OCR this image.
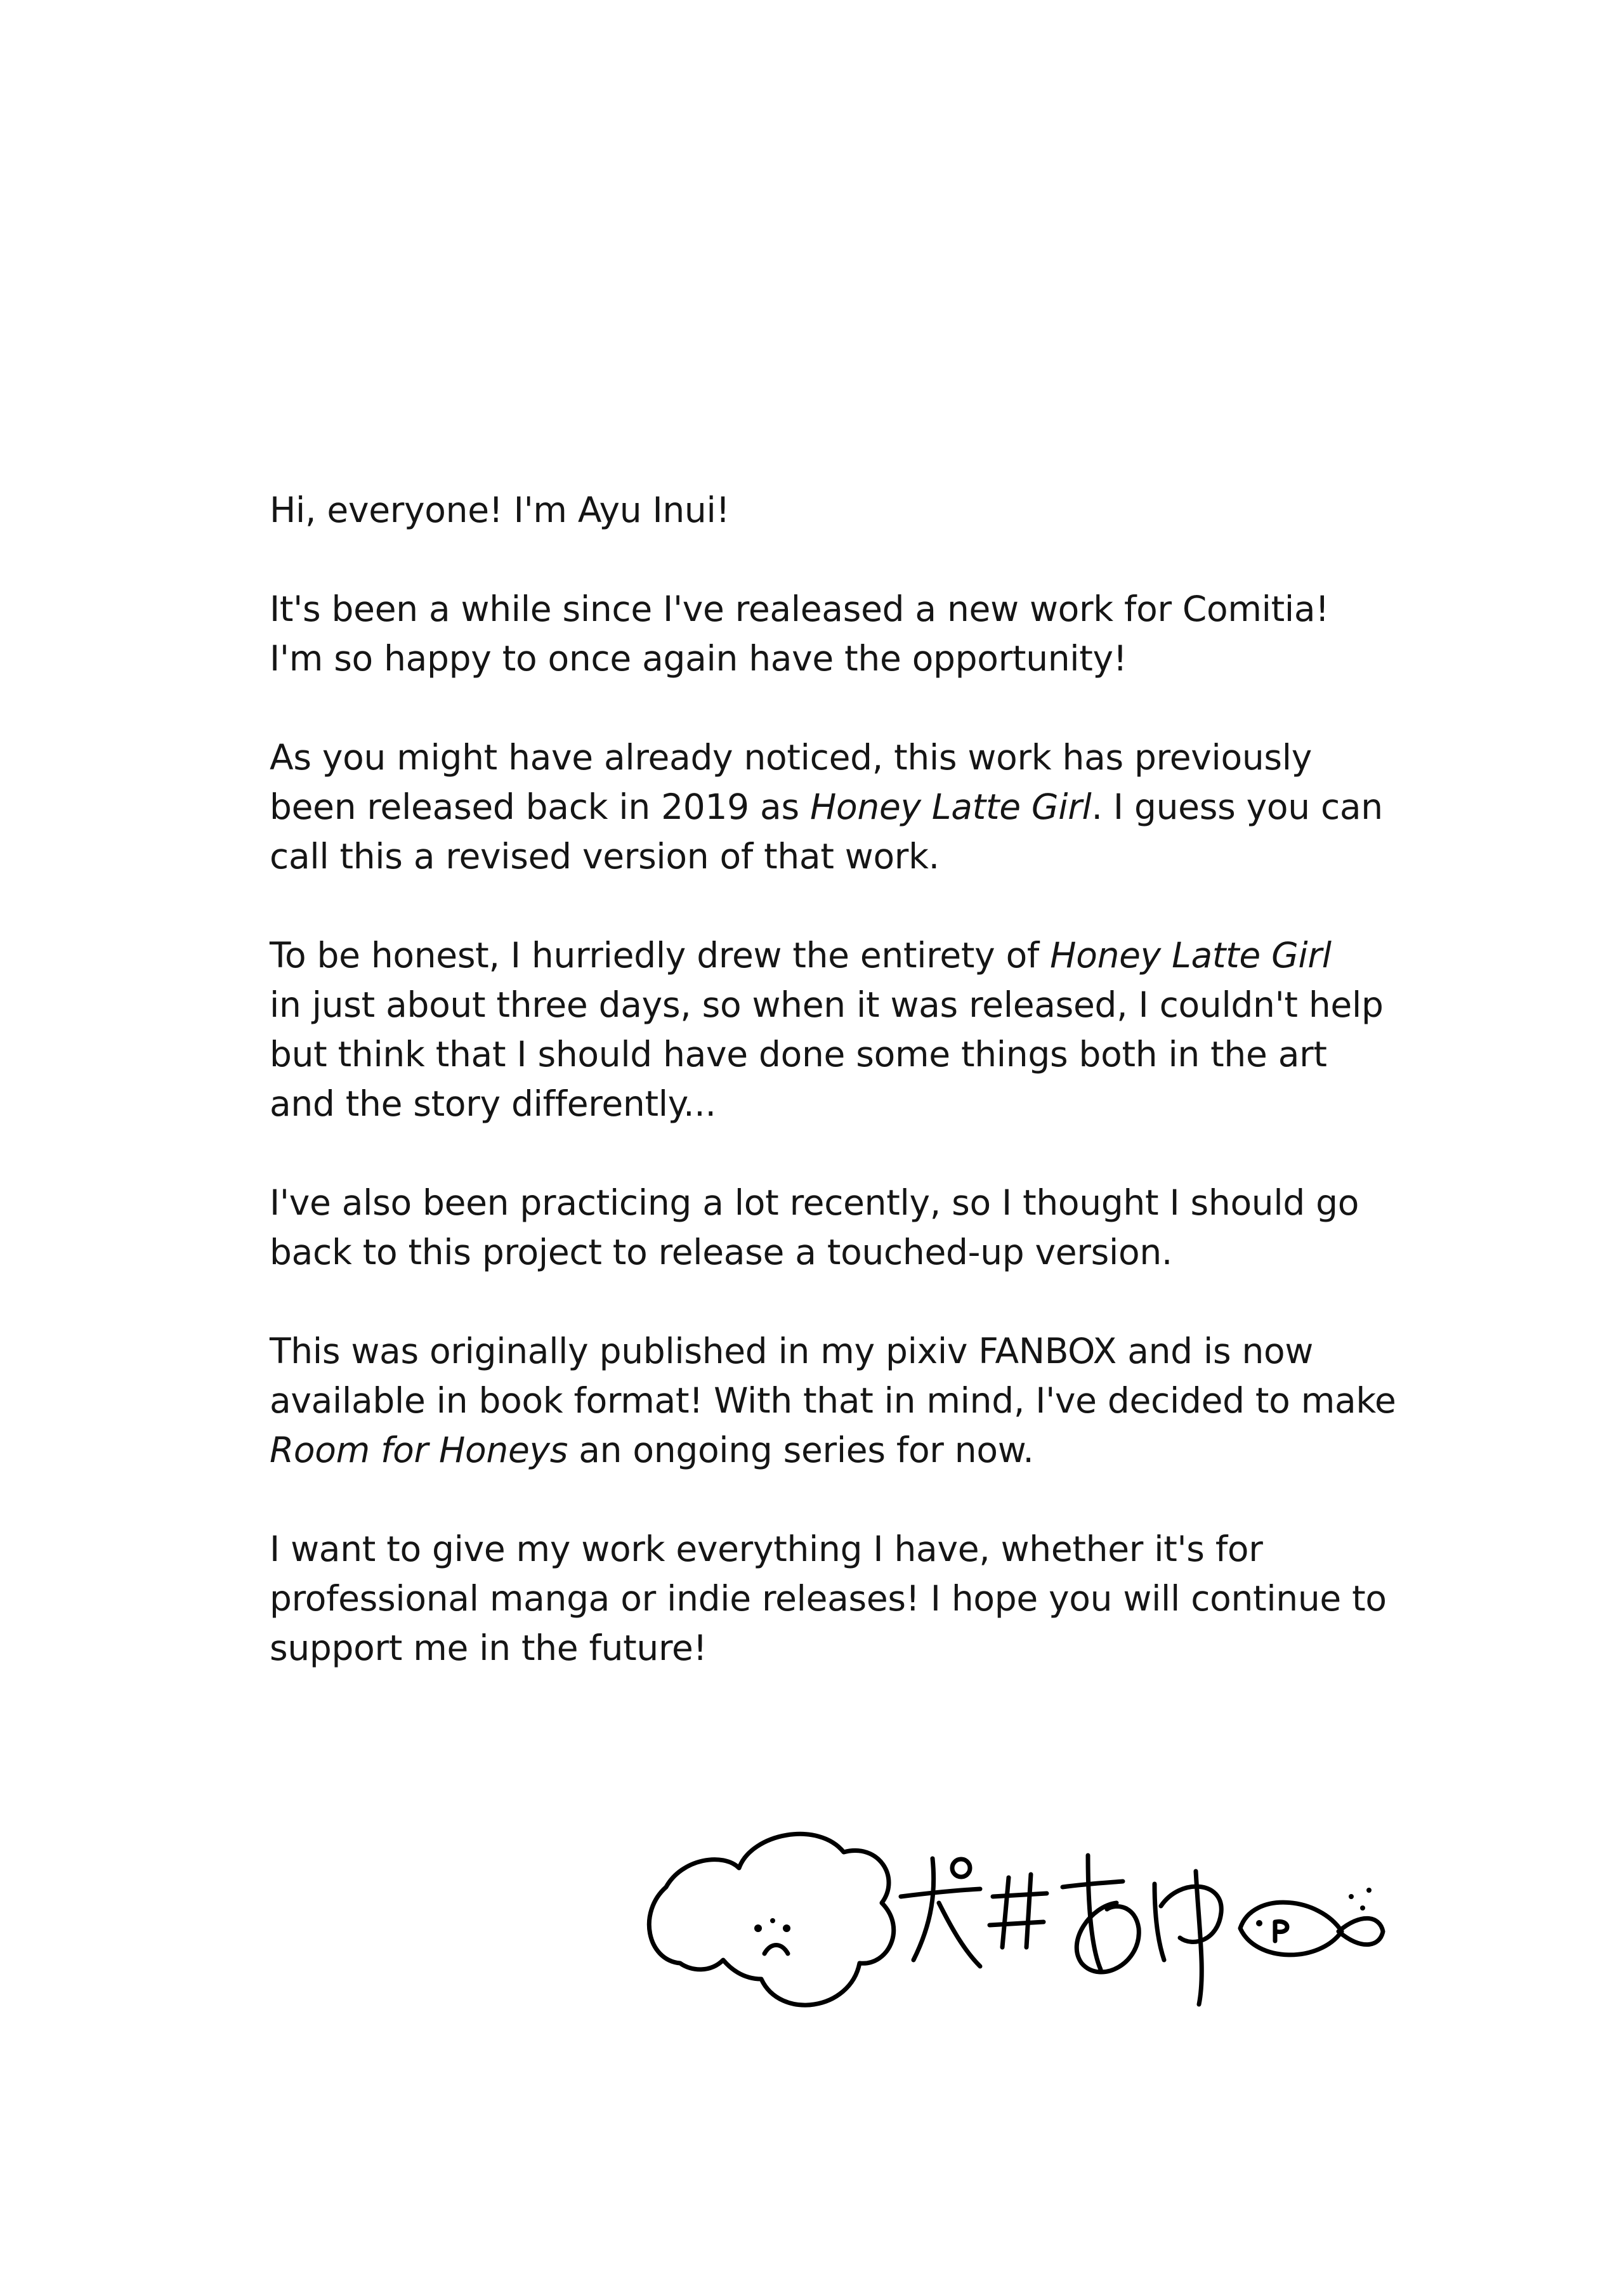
Hi, everyone! I'm Ayu Inui!

It's been a while since I've realeased a new work for Comitia!
I'm so happy to once again have the opportunity!

As you might have already noticed, this work has previously
been released back in 2019 as Honey Latte Girl. I guess you can
call this a revised version of that work.

To be honest, I hurriedly drew the entirety of Honey Latte Girl
in just about three days, so when it was released, I couldn't help
but think that I should have done some things both in the art
and the story differently...

I've also been practicing a lot recently, so I thought I should go
back to this project to release a touched-up version.

This was originally published in my pixiv FANBOX and is now
available in book format! With that in mind, I've decided to make
Room for Honeys an ongoing series for now.

I want to give my work everything I have, whether it's for
professional manga or indie releases! I hope you will continue to
support me in the future!
